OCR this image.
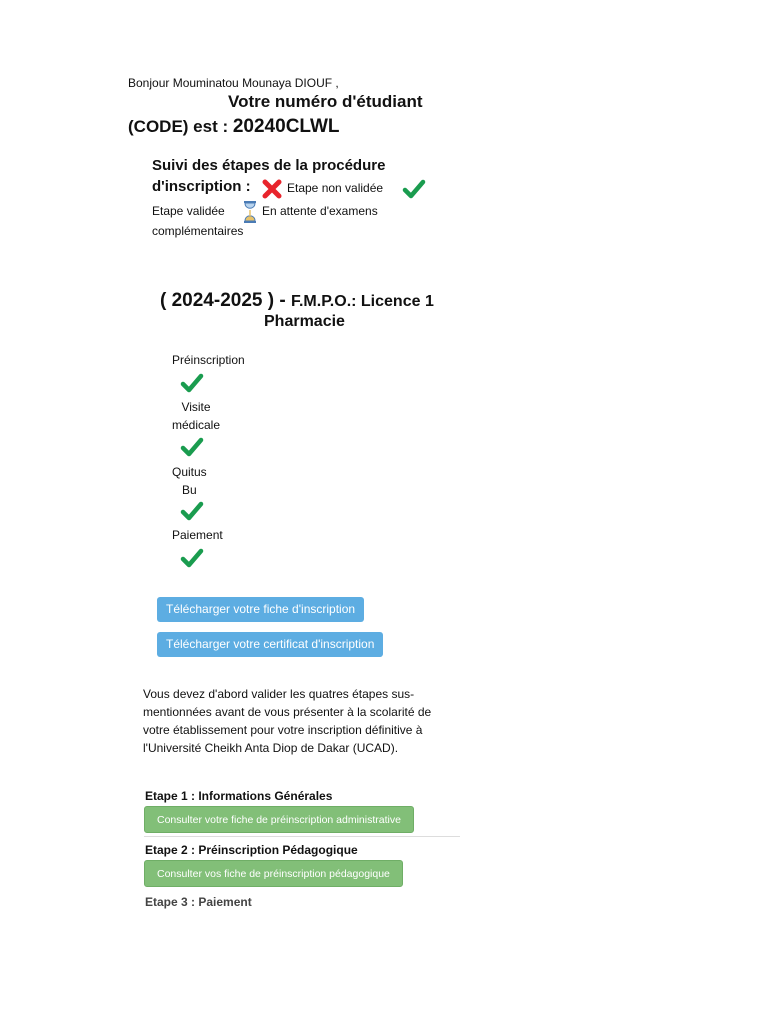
Bonjour Mouminatou Mounaya DIOUF ,
Votre numéro d'étudiant
(CODE) est : 20240CLWL
Suivi des étapes de la procédure
d'inscription :	Etape non validée
Etape validée	En attente d'examens
complémentaires
( 2024-2025 ) - F.M.P.O.: Licence 1
Pharmacie
Préinscription
Visite
médicale
Quitus
Bu
Paiement
Télécharger votre fiche d'inscription
Télécharger votre certificat d'inscription
Vous devez d'abord valider les quatres étapes sus-mentionnées avant de vous présenter à la scolarité de votre établissement pour votre inscription définitive à l'Université Cheikh Anta Diop de Dakar (UCAD).
Etape 1 : Informations Générales
Consulter votre fiche de préinscription administrative
Etape 2 : Préinscription Pédagogique
Consulter vos fiche de préinscription pédagogique
Etape 3 : Paiement
